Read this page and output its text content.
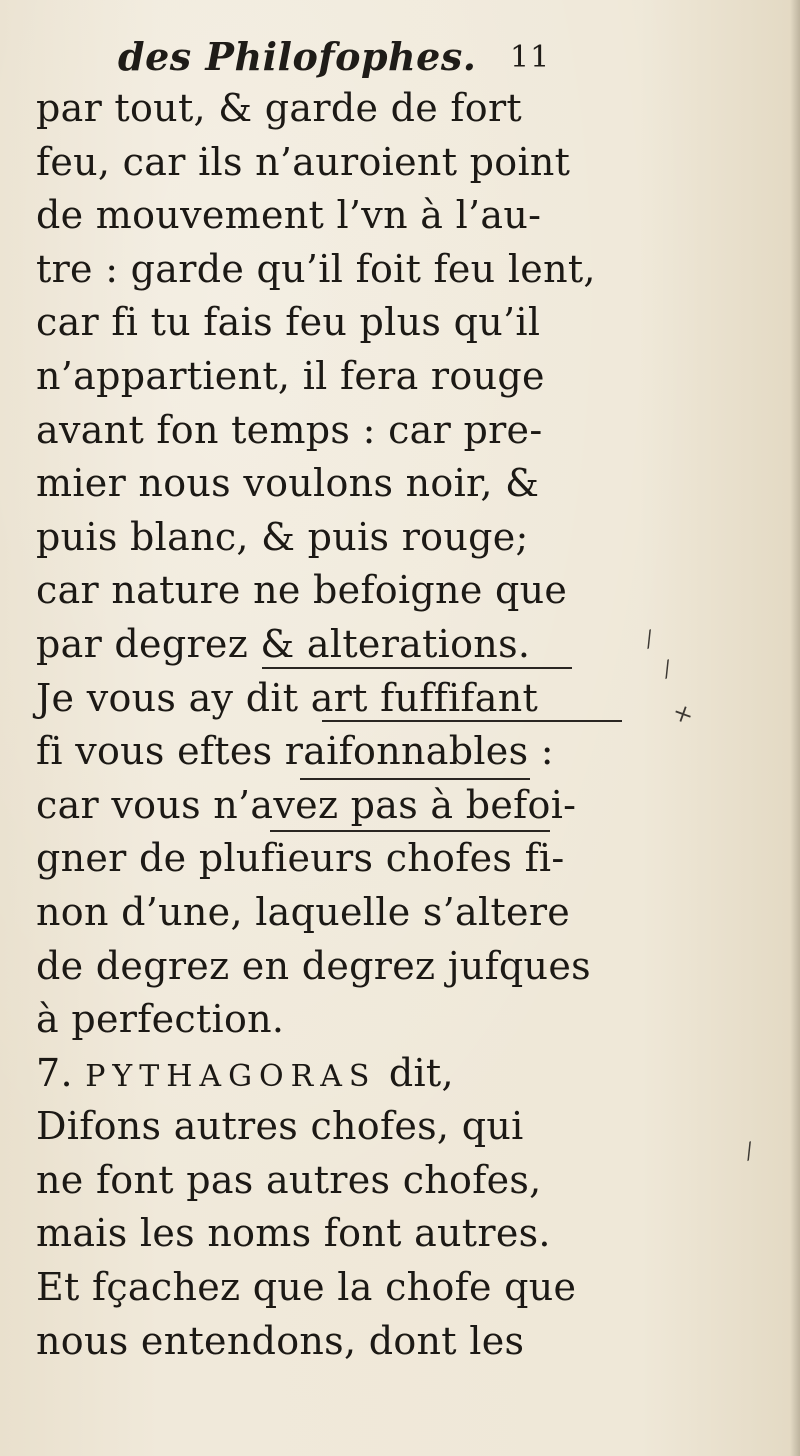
des Philofophes. 11
par tout, & garde de fort
feu, car ils n’auroient point
de mouvement l’vn à l’au-
tre : garde qu’il foit feu lent,
car fi tu fais feu plus qu’il
n’appartient, il fera rouge
avant fon temps : car pre-
mier nous voulons noir, &
puis blanc, & puis rouge;
car nature ne befoigne que
par degrez & alterations.
Je vous ay dit art fuffifant
fi vous eftes raifonnables :
car vous n’avez pas à befoi-
gner de plufieurs chofes fi-
non d’une, laquelle s’altere
de degrez en degrez jufques
à perfection.
7. PYTHAGORAS dit,
Difons autres chofes, qui
ne font pas autres chofes,
mais les noms font autres.
Et fçachez que la chofe que
nous entendons, dont les
⁄
⁄
×
⁄
